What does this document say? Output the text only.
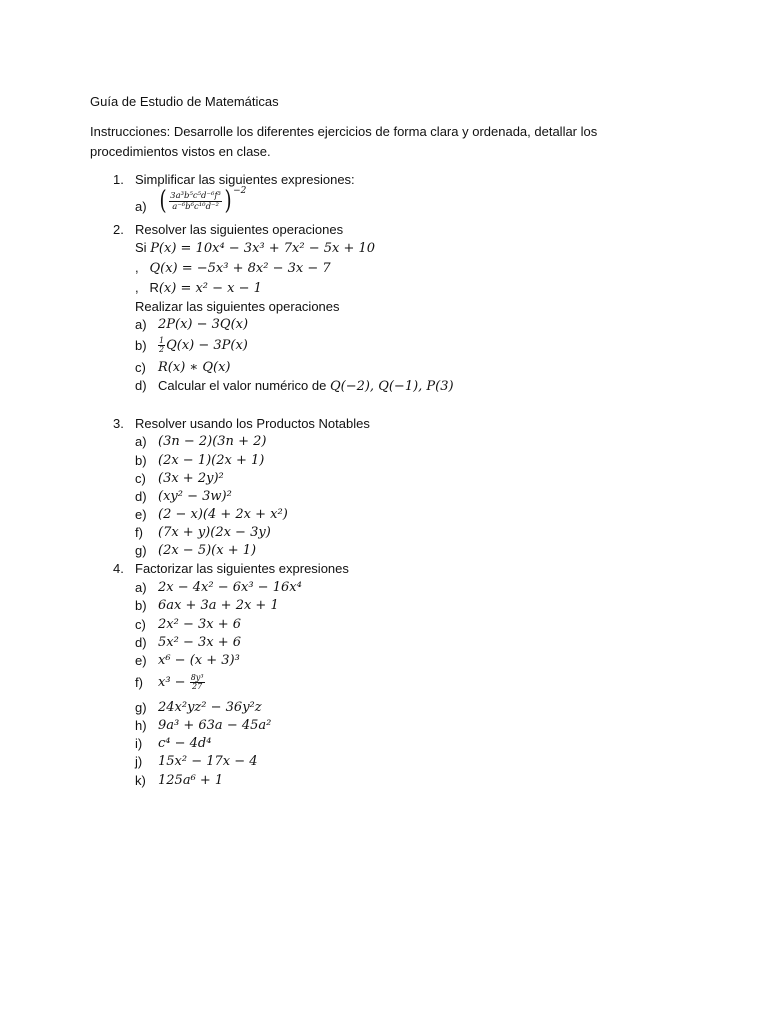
Guía de Estudio de Matemáticas
Instrucciones: Desarrolle los diferentes ejercicios de forma clara y ordenada, detallar los procedimientos vistos en clase.
1. Simplificar las siguientes expresiones:
a) ( $\frac{\text{3a³b⁵c⁵d⁻⁶f³}}{\text{a⁻⁶b⁶c¹⁰d⁻²}}$ ) −2
2. Resolver las siguientes operaciones
Si P(x) = 10x⁴ − 3x³ + 7x² − 5x + 10
, Q(x) = −5x³ + 8x² − 3x − 7
,   R(x) = x² − x − 1
Realizar las siguientes operaciones
a) 2P(x) − 3Q(x)
$b) \frac{1}{2} Q(x) - 3P(x)$
c) R(x) ∗ Q(x)
d) Calcular el valor numérico de Q(−2), Q(−1), P(3)
3. Resolver usando los Productos Notables
a) (3n − 2)(3n + 2)
b) (2x − 1)(2x + 1)
c) (3x + 2y)²
d) (xy² − 3w)²
e) (2 − x)(4 + 2x + x²)
f) (7x + y)(2x − 3y)
g) (2x − 5)(x + 1)
4. Factorizar las siguientes expresiones
a) 2x − 4x² − 6x³ − 16x⁴
b) 6ax + 3a + 2x + 1
c) 2x² − 3x + 6
d) 5x² − 3x + 6
e) x⁶ − (x + 3)³
f) $x^3 - \frac{\text{8y³}}{27}$
g) 24x²yz² − 36y²z
h) 9a³ + 63a − 45a²
i) c⁴ − 4d⁴
j) 15x² − 17x − 4
k) 125a⁶ + 1
